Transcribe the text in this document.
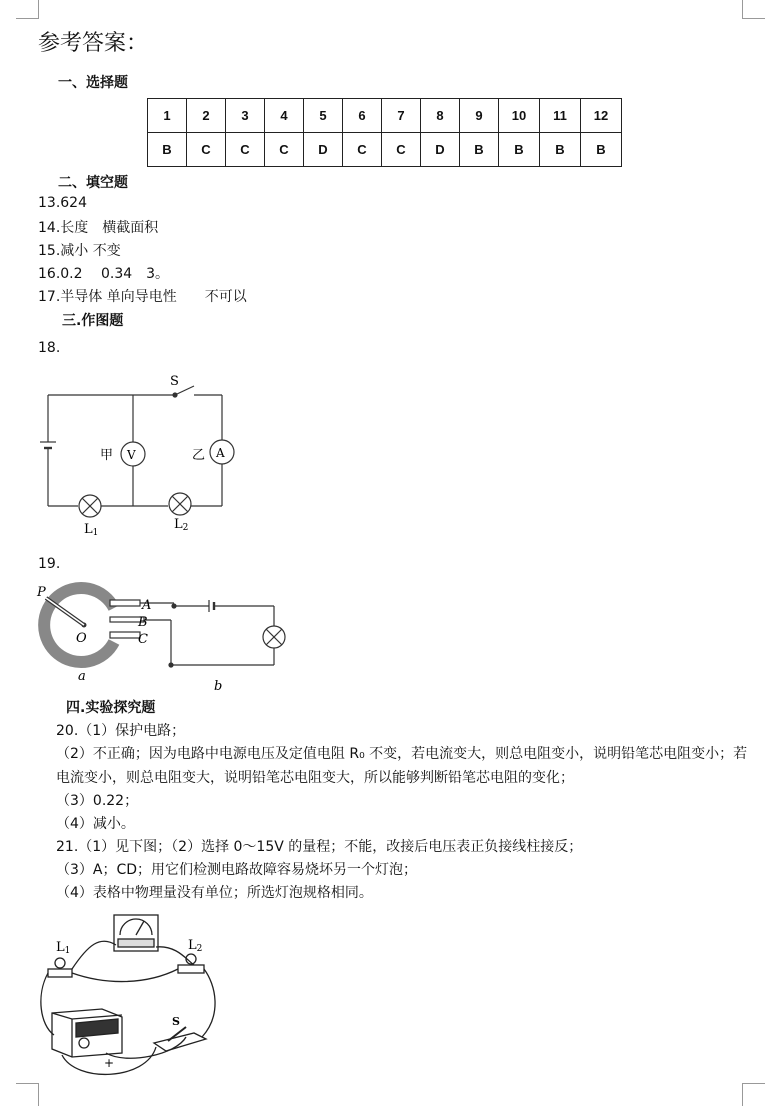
参考答案：
一、选择题
1	2	3	4	5	6	7	8	9	10	11	12
B	C	C	C	D	C	C	D	B	B	B	B
二、填空题
13.624
14.长度　横截面积
15.减小 不变
16.0.2　 0.34　3。
17.半导体 单向导电性　　不可以
三.作图题
18.
S
V	A
甲	乙
L1
L2
19.
P
O
A
B
C
a
b
四.实验探究题
20.（1）保护电路；
（2）不正确；因为电路中电源电压及定值电阻 R₀ 不变，若电流变大，则总电阻变小，说明铅笔芯电阻变小；若电流变小，则总电阻变大，说明铅笔芯电阻变大，所以能够判断铅笔芯电阻的变化；
（3）0.22；
（4）减小。
21.（1）见下图；（2）选择 0～15V 的量程；不能，改接后电压表正负接线柱接反；
（3）A；CD；用它们检测电路故障容易烧坏另一个灯泡；
（4）表格中物理量没有单位；所选灯泡规格相同。
L1	L2
S
+
